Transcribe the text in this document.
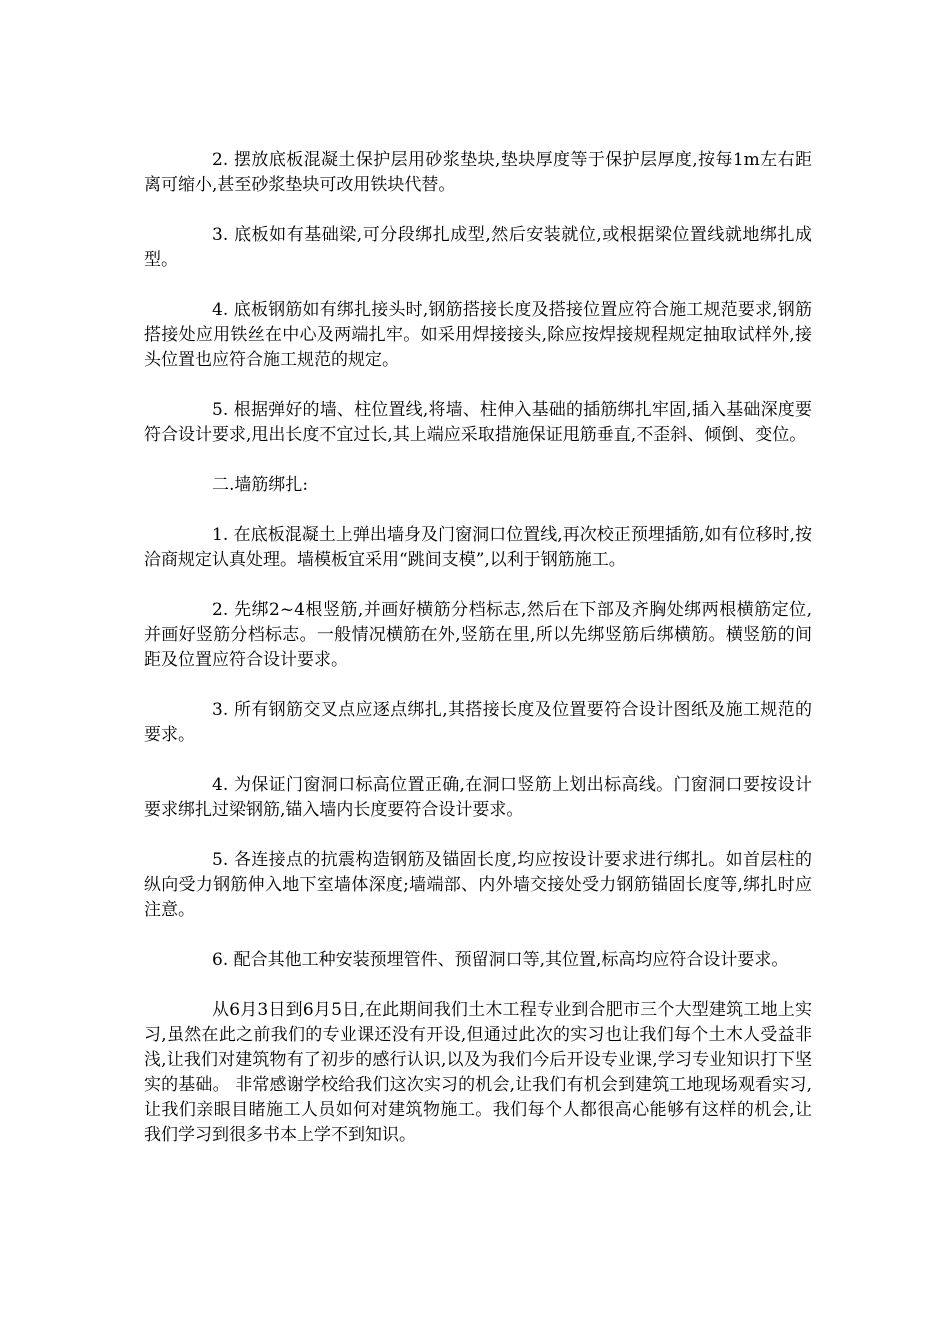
2. 摆放底板混凝土保护层用砂浆垫块,垫块厚度等于保护层厚度,按每1m左右距离可缩小,甚至砂浆垫块可改用铁块代替。

3. 底板如有基础梁,可分段绑扎成型,然后安装就位,或根据梁位置线就地绑扎成型。

4. 底板钢筋如有绑扎接头时,钢筋搭接长度及搭接位置应符合施工规范要求,钢筋搭接处应用铁丝在中心及两端扎牢。如采用焊接接头,除应按焊接规程规定抽取试样外,接头位置也应符合施工规范的规定。

5. 根据弹好的墙、柱位置线,将墙、柱伸入基础的插筋绑扎牢固,插入基础深度要符合设计要求,甩出长度不宜过长,其上端应采取措施保证甩筋垂直,不歪斜、倾倒、变位。

二.墙筋绑扎:

1. 在底板混凝土上弹出墙身及门窗洞口位置线,再次校正预埋插筋,如有位移时,按洽商规定认真处理。墙模板宜采用“跳间支模”,以利于钢筋施工。

2. 先绑2~4根竖筋,并画好横筋分档标志,然后在下部及齐胸处绑两根横筋定位,并画好竖筋分档标志。一般情况横筋在外,竖筋在里,所以先绑竖筋后绑横筋。横竖筋的间距及位置应符合设计要求。

3. 所有钢筋交叉点应逐点绑扎,其搭接长度及位置要符合设计图纸及施工规范的要求。

4. 为保证门窗洞口标高位置正确,在洞口竖筋上划出标高线。门窗洞口要按设计要求绑扎过梁钢筋,锚入墙内长度要符合设计要求。

5. 各连接点的抗震构造钢筋及锚固长度,均应按设计要求进行绑扎。如首层柱的纵向受力钢筋伸入地下室墙体深度;墙端部、内外墙交接处受力钢筋锚固长度等,绑扎时应注意。

6. 配合其他工种安装预埋管件、预留洞口等,其位置,标高均应符合设计要求。

从6月3日到6月5日,在此期间我们土木工程专业到合肥市三个大型建筑工地上实习,虽然在此之前我们的专业课还没有开设,但通过此次的实习也让我们每个土木人受益非浅,让我们对建筑物有了初步的感行认识,以及为我们今后开设专业课,学习专业知识打下坚实的基础。 非常感谢学校给我们这次实习的机会,让我们有机会到建筑工地现场观看实习,让我们亲眼目睹施工人员如何对建筑物施工。我们每个人都很高心能够有这样的机会,让我们学习到很多书本上学不到知识。
